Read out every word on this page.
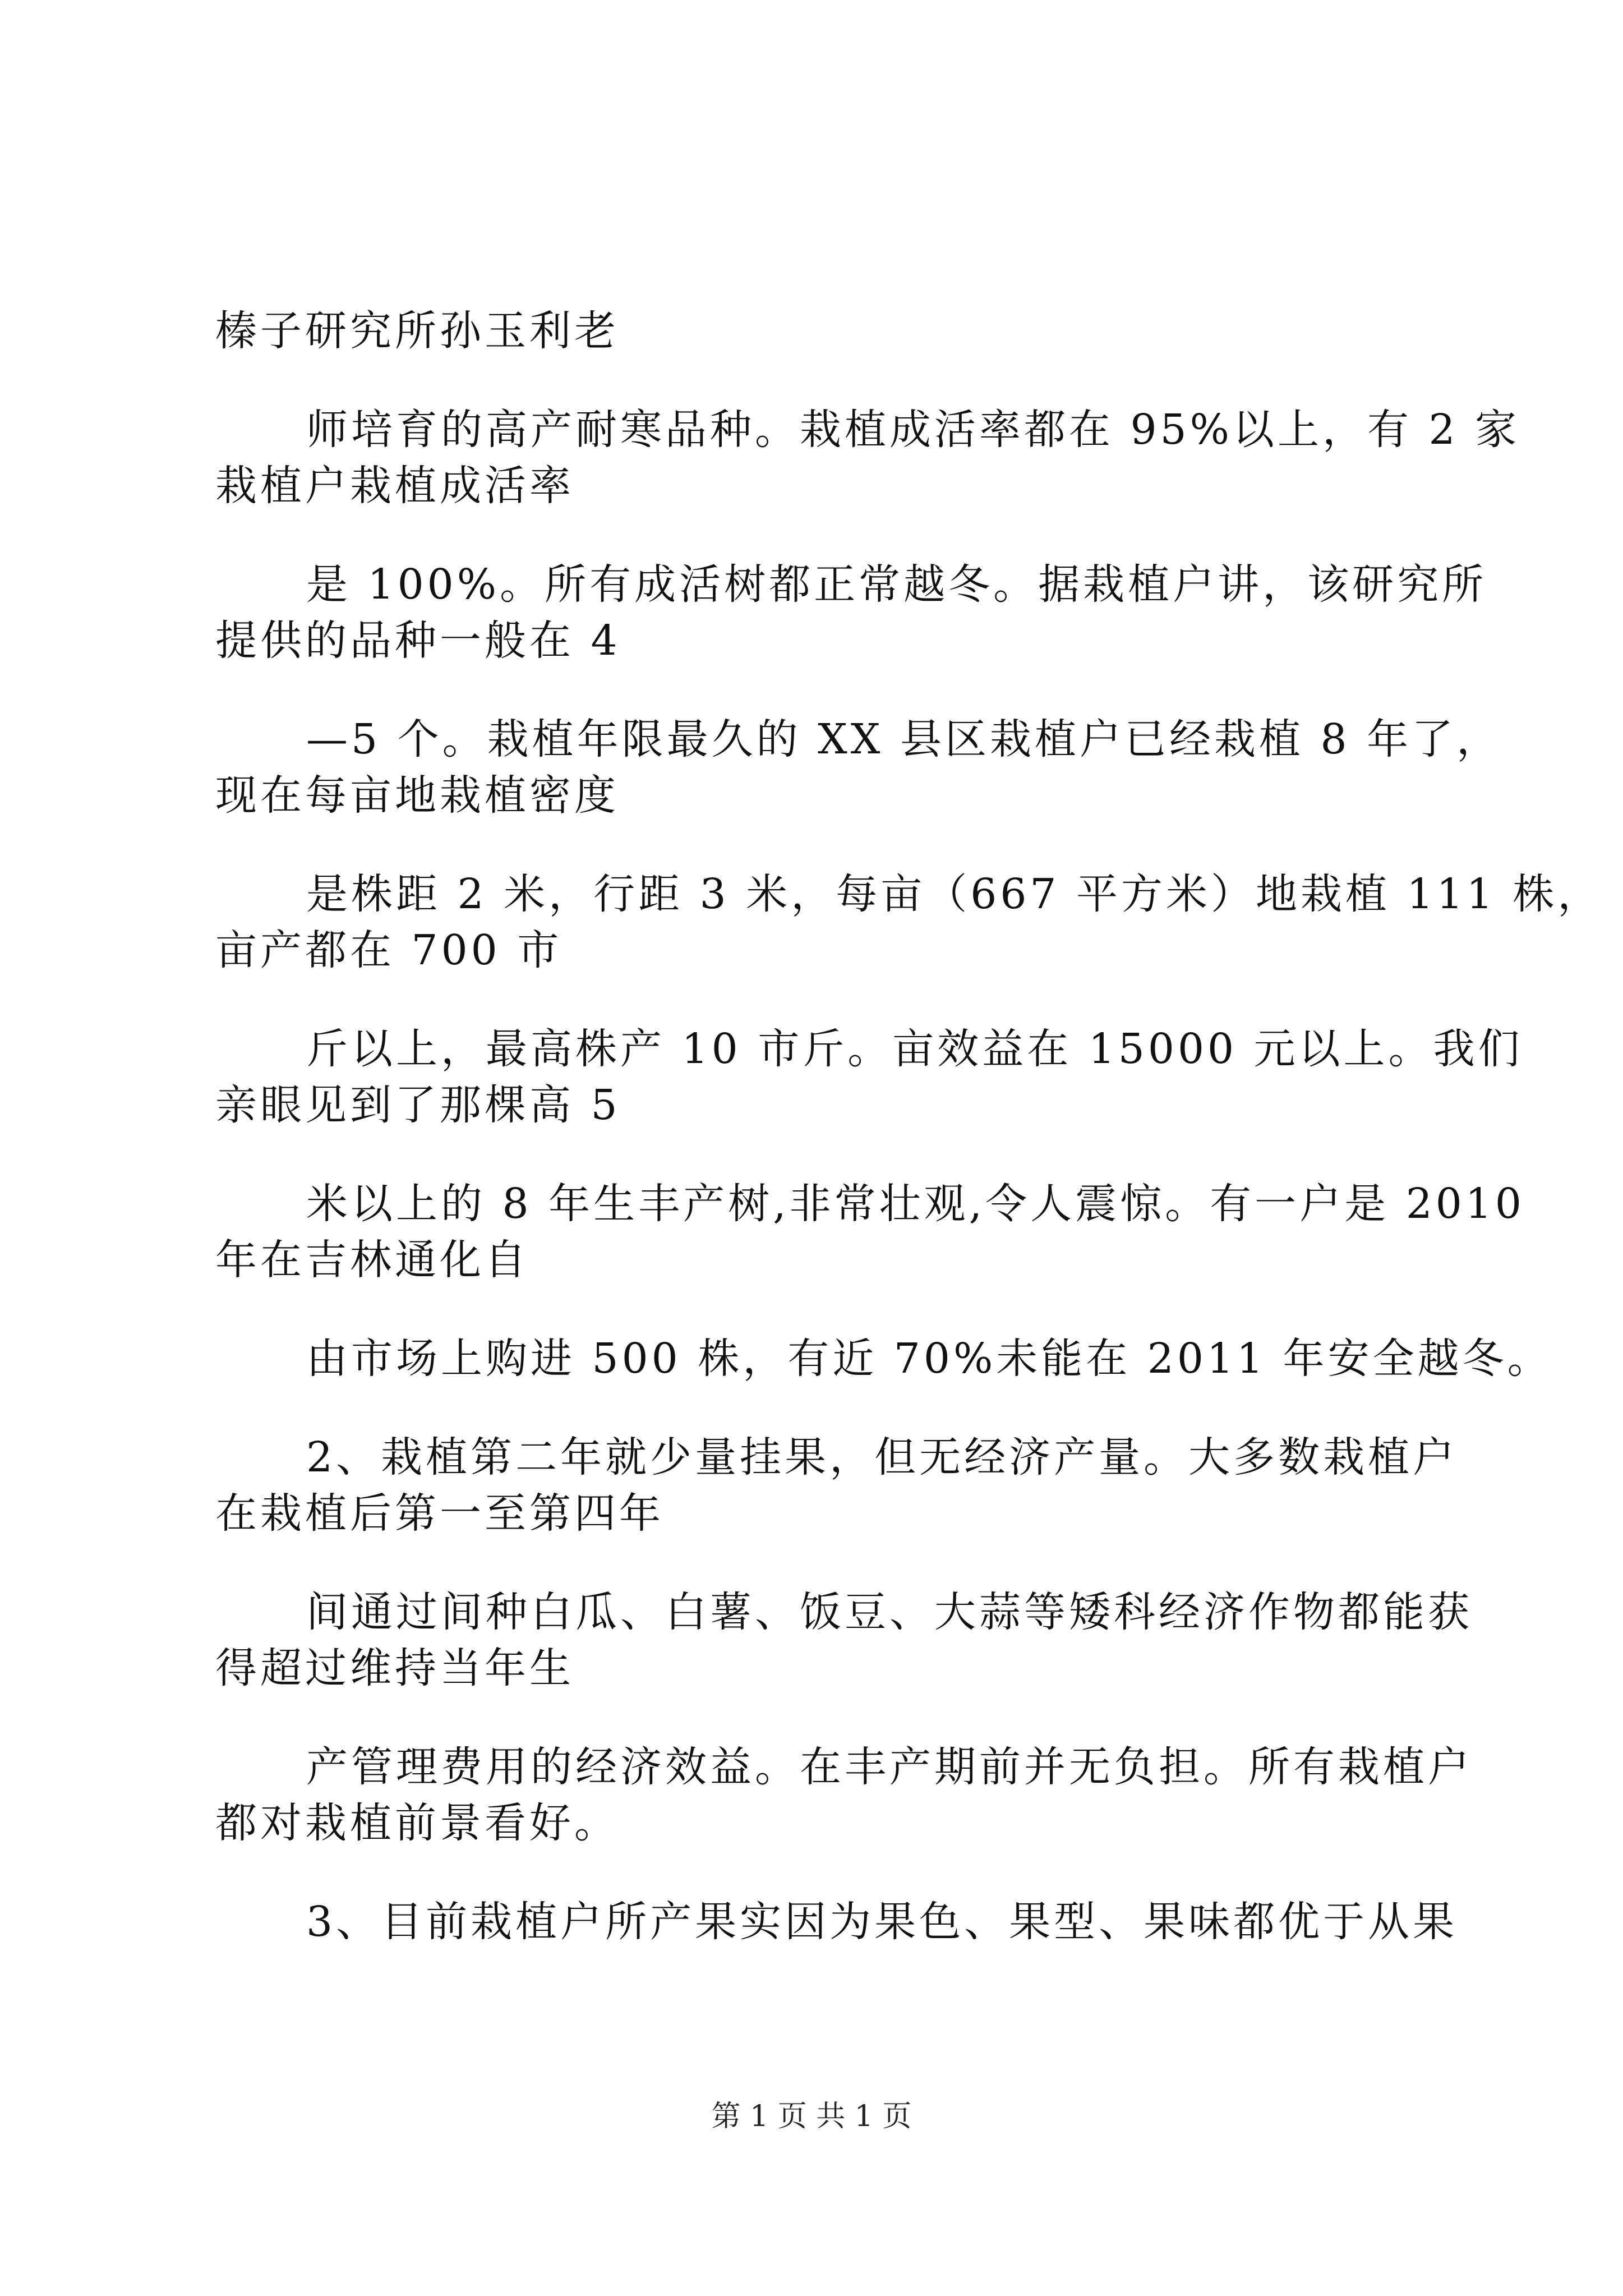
榛子研究所孙玉利老
师培育的高产耐寒品种。栽植成活率都在 95%以上，有 2 家
栽植户栽植成活率
是 100%。所有成活树都正常越冬。据栽植户讲，该研究所
提供的品种一般在 4
—5 个。栽植年限最久的 XX 县区栽植户已经栽植 8 年了，
现在每亩地栽植密度
是株距 2 米，行距 3 米，每亩（667 平方米）地栽植 111 株，
亩产都在 700 市
斤以上，最高株产 10 市斤。亩效益在 15000 元以上。我们
亲眼见到了那棵高 5
米以上的 8 年生丰产树,非常壮观,令人震惊。有一户是 2010
年在吉林通化自
由市场上购进 500 株，有近 70%未能在 2011 年安全越冬。
2、栽植第二年就少量挂果，但无经济产量。大多数栽植户
在栽植后第一至第四年
间通过间种白瓜、白薯、饭豆、大蒜等矮科经济作物都能获
得超过维持当年生
产管理费用的经济效益。在丰产期前并无负担。所有栽植户
都对栽植前景看好。
3、目前栽植户所产果实因为果色、果型、果味都优于从果
第 1 页 共 1 页
